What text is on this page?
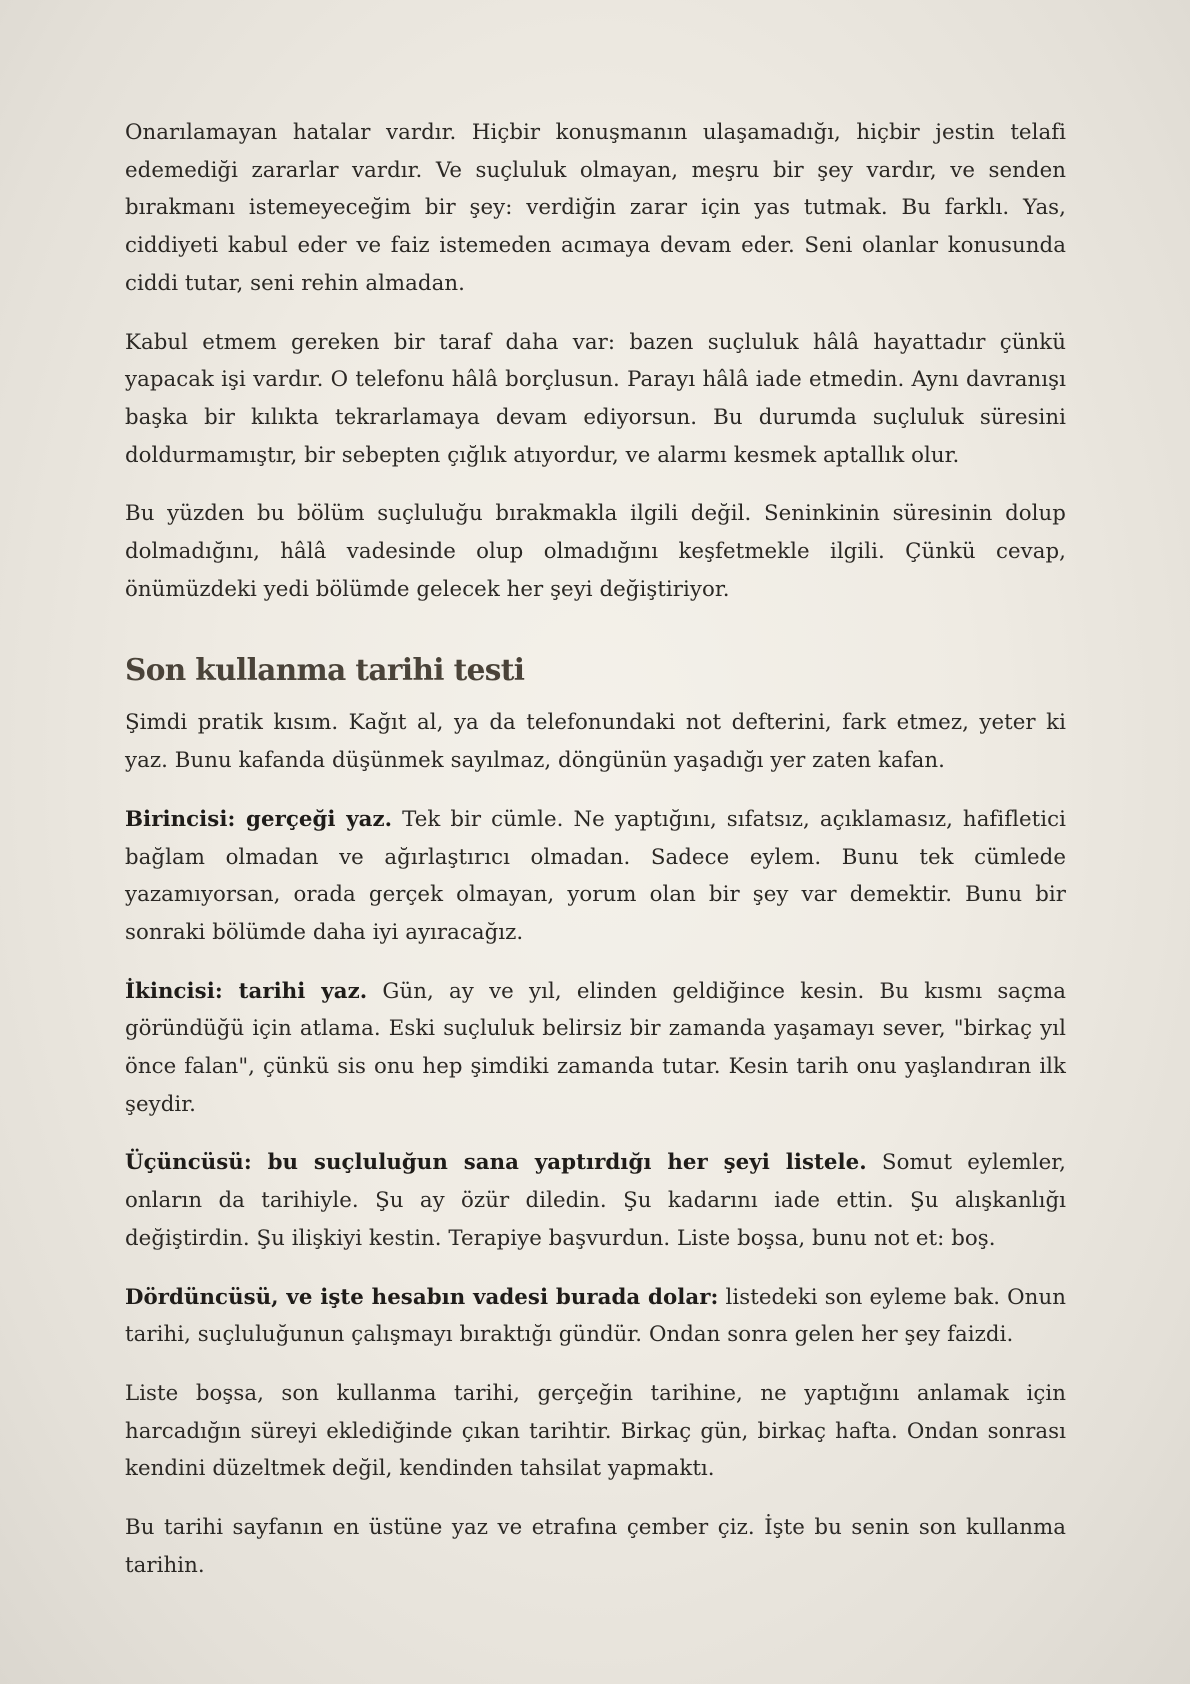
Onarılamayan hatalar vardır. Hiçbir konuşmanın ulaşamadığı, hiçbir jestin telafi edemediği zararlar vardır. Ve suçluluk olmayan, meşru bir şey vardır, ve senden bırakmanı istemeyeceğim bir şey: verdiğin zarar için yas tutmak. Bu farklı. Yas, ciddiyeti kabul eder ve faiz istemeden acımaya devam eder. Seni olanlar konusunda ciddi tutar, seni rehin almadan.

Kabul etmem gereken bir taraf daha var: bazen suçluluk hâlâ hayattadır çünkü yapacak işi vardır. O telefonu hâlâ borçlusun. Parayı hâlâ iade etmedin. Aynı davranışı başka bir kılıkta tekrarlamaya devam ediyorsun. Bu durumda suçluluk süresini doldurmamıştır, bir sebepten çığlık atıyordur, ve alarmı kesmek aptallık olur.

Bu yüzden bu bölüm suçluluğu bırakmakla ilgili değil. Seninkinin süresinin dolup dolmadığını, hâlâ vadesinde olup olmadığını keşfetmekle ilgili. Çünkü cevap, önümüzdeki yedi bölümde gelecek her şeyi değiştiriyor.

Son kullanma tarihi testi

Şimdi pratik kısım. Kağıt al, ya da telefonundaki not defterini, fark etmez, yeter ki yaz. Bunu kafanda düşünmek sayılmaz, döngünün yaşadığı yer zaten kafan.

Birincisi: gerçeği yaz. Tek bir cümle. Ne yaptığını, sıfatsız, açıklamasız, hafifletici bağlam olmadan ve ağırlaştırıcı olmadan. Sadece eylem. Bunu tek cümlede yazamıyorsan, orada gerçek olmayan, yorum olan bir şey var demektir. Bunu bir sonraki bölümde daha iyi ayıracağız.

İkincisi: tarihi yaz. Gün, ay ve yıl, elinden geldiğince kesin. Bu kısmı saçma göründüğü için atlama. Eski suçluluk belirsiz bir zamanda yaşamayı sever, "birkaç yıl önce falan", çünkü sis onu hep şimdiki zamanda tutar. Kesin tarih onu yaşlandıran ilk şeydir.

Üçüncüsü: bu suçluluğun sana yaptırdığı her şeyi listele. Somut eylemler, onların da tarihiyle. Şu ay özür diledin. Şu kadarını iade ettin. Şu alışkanlığı değiştirdin. Şu ilişkiyi kestin. Terapiye başvurdun. Liste boşsa, bunu not et: boş.

Dördüncüsü, ve işte hesabın vadesi burada dolar: listedeki son eyleme bak. Onun tarihi, suçluluğunun çalışmayı bıraktığı gündür. Ondan sonra gelen her şey faizdi.

Liste boşsa, son kullanma tarihi, gerçeğin tarihine, ne yaptığını anlamak için harcadığın süreyi eklediğinde çıkan tarihtir. Birkaç gün, birkaç hafta. Ondan sonrası kendini düzeltmek değil, kendinden tahsilat yapmaktı.

Bu tarihi sayfanın en üstüne yaz ve etrafına çember çiz. İşte bu senin son kullanma tarihin.
